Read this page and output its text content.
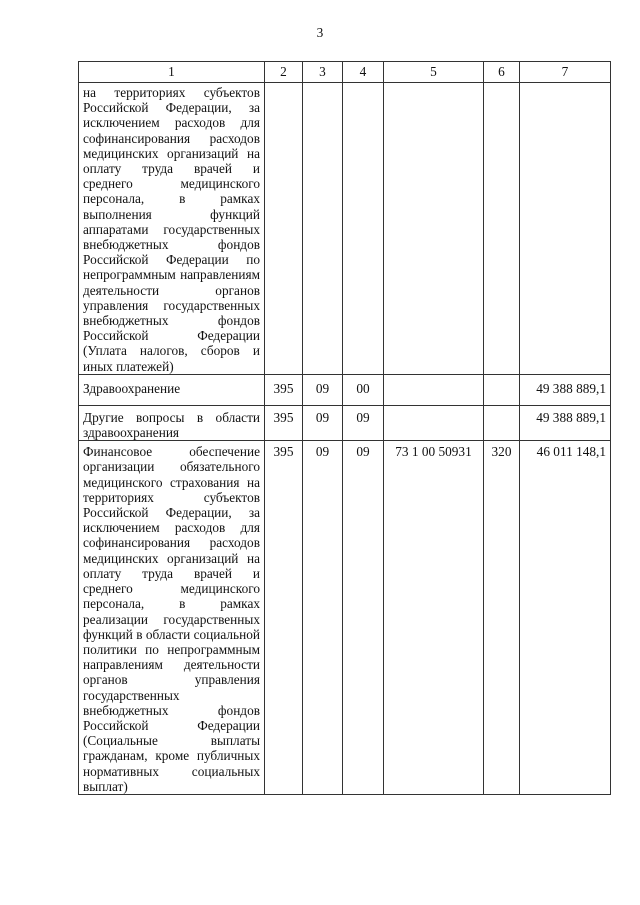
3
1	2	3	4	5	6	7
на территориях субъектов Российской Федерации, за исключением расходов для софинансирования расходов медицинских организаций на оплату труда врачей и среднего медицинского персонала, в рамках выполнения функций аппаратами государственных внебюджетных фондов Российской Федерации по непрограммным направлениям деятельности органов управления государственных внебюджетных фондов Российской Федерации (Уплата налогов, сборов и иных платежей)						
Здравоохранение	395	09	00			49 388 889,1
Другие вопросы в области здравоохранения	395	09	09			49 388 889,1
Финансовое обеспечение организации обязательного медицинского страхования на территориях субъектов Российской Федерации, за исключением расходов для софинансирования расходов медицинских организаций на оплату труда врачей и среднего медицинского персонала, в рамках реализации государственных функций в области социальной политики по непрограммным направлениям деятельности органов управления государственных внебюджетных фондов Российской Федерации (Социальные выплаты гражданам, кроме публичных нормативных социальных выплат)	395	09	09	73 1 00 50931	320	46 011 148,1
